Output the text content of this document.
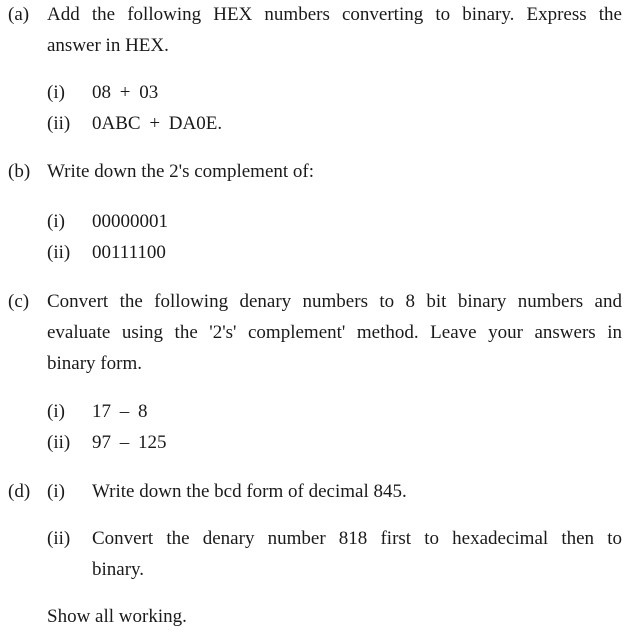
(a) Add the following HEX numbers converting to binary. Express the
answer in HEX.
(i) 08 + 03
(ii) 0ABC + DA0E.
(b) Write down the 2's complement of:
(i) 00000001
(ii) 00111100
(c) Convert the following denary numbers to 8 bit binary numbers and
evaluate using the '2's' complement' method. Leave your answers in
binary form.
(i) 17 – 8
(ii) 97 – 125
(d) (i) Write down the bcd form of decimal 845.
(ii) Convert the denary number 818 first to hexadecimal then to
binary.
Show all working.
